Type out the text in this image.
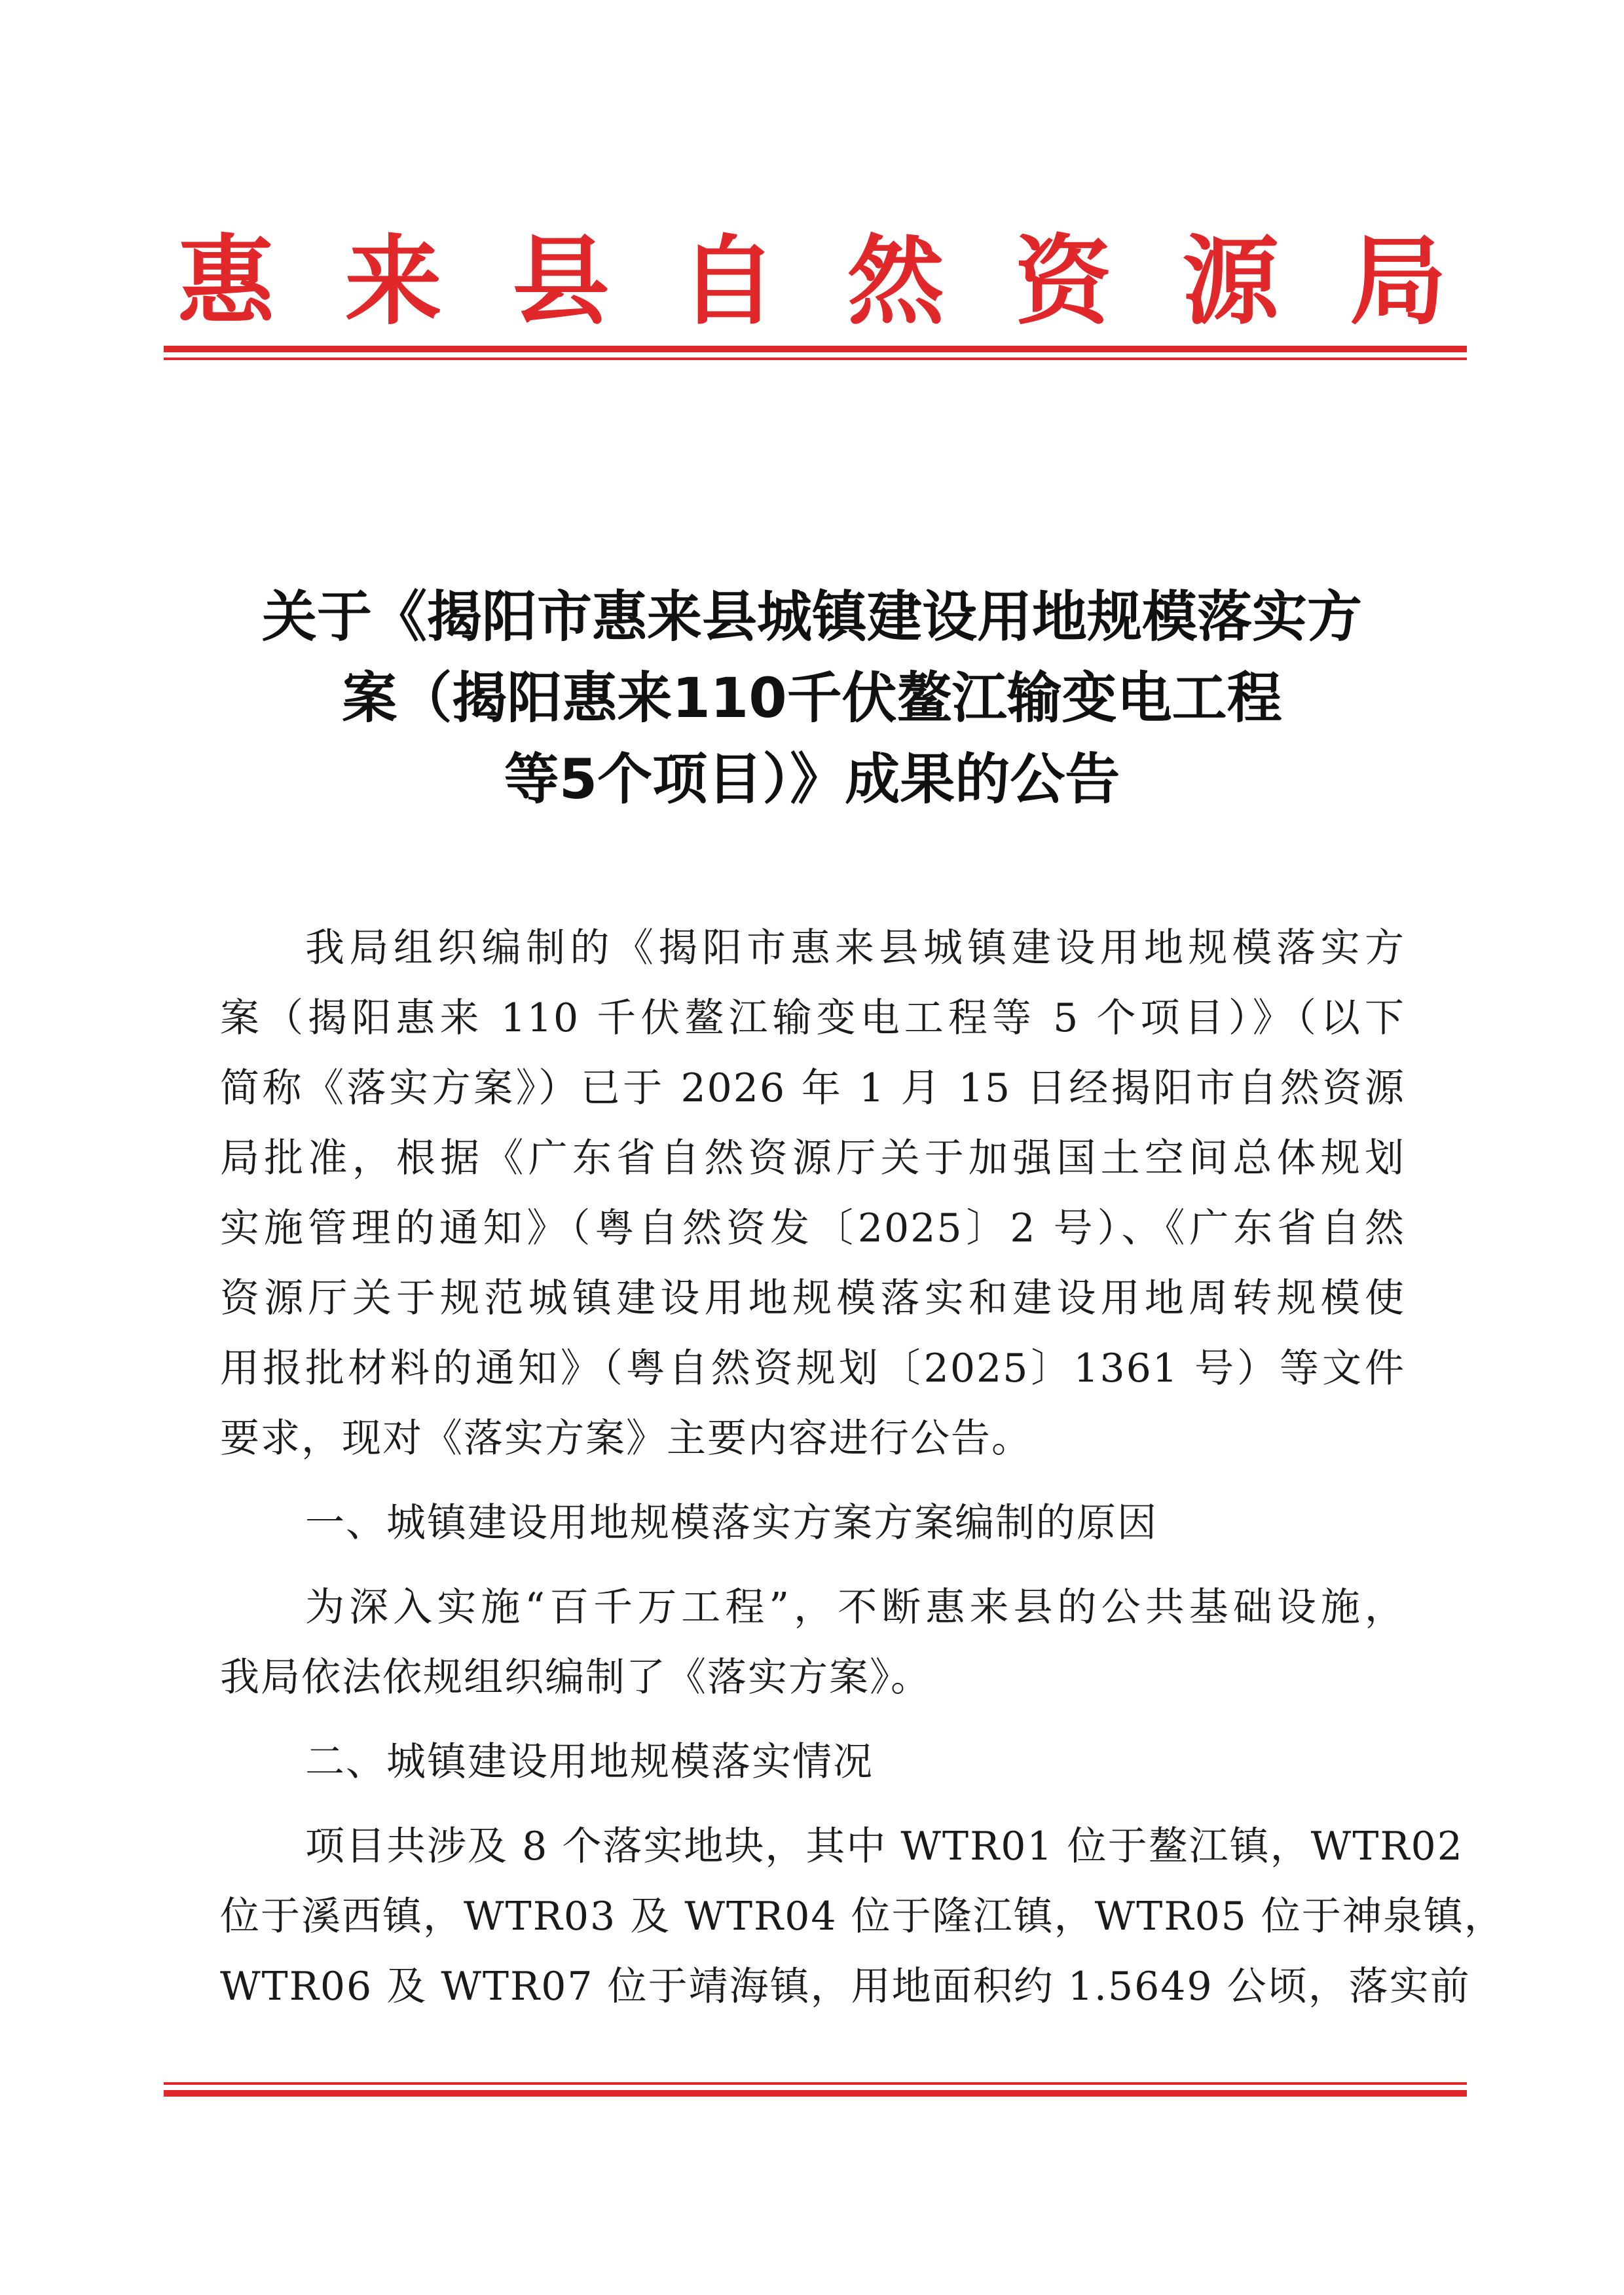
惠 来 县 自 然 资 源 局
关于《揭阳市惠来县城镇建设用地规模落实方
案（揭阳惠来110千伏鳌江输变电工程
等5个项目）》成果的公告
我局组织编制的《揭阳市惠来县城镇建设用地规模落实方
案（揭阳惠来 110 千伏鳌江输变电工程等 5 个项目）》（以下
简称《落实方案》）已于 2026 年 1 月 15 日经揭阳市自然资源
局批准，根据《广东省自然资源厅关于加强国土空间总体规划
实施管理的通知》（粤自然资发〔2025〕2 号）、《广东省自然
资源厅关于规范城镇建设用地规模落实和建设用地周转规模使
用报批材料的通知》（粤自然资规划〔2025〕1361 号）等文件
要求，现对《落实方案》主要内容进行公告。
一、城镇建设用地规模落实方案方案编制的原因
为深入实施“百千万工程”，不断惠来县的公共基础设施，
我局依法依规组织编制了《落实方案》。
二、城镇建设用地规模落实情况
项目共涉及 8 个落实地块，其中 WTR01 位于鳌江镇，WTR02
位于溪西镇，WTR03 及 WTR04 位于隆江镇，WTR05 位于神泉镇，
WTR06 及 WTR07 位于靖海镇，用地面积约 1.5649 公顷，落实前
